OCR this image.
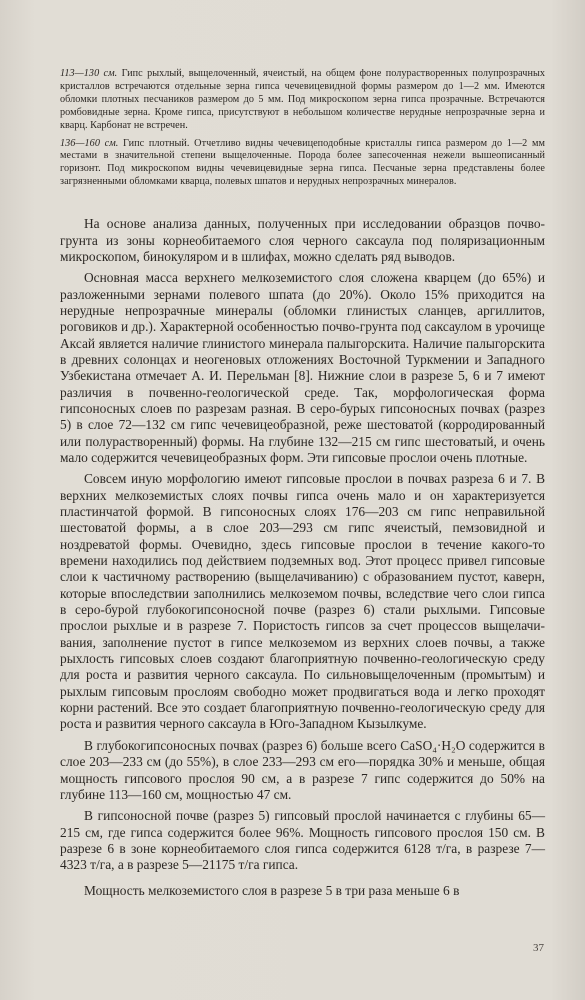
113—130 см. Гипс рыхлый, выщелоченный, ячеистый, на общем фоне полурастворенных полупрозрачных кристаллов встречаются отдельные зерна гипса чечевицевидной формы размером до 1—2 мм. Имеются обломки плотных песчаников размером до 5 мм. Под микроскопом зерна гипса прозрачные. Встречаются ромбовидные зерна. Кроме гипса, присутствуют в небольшом количестве нерудные непрозрачные зерна и кварц. Карбонат не встречен.

136—160 см. Гипс плотный. Отчетливо видны чечевицеподобные кристаллы гипса размером до 1—2 мм местами в значительной степени выщелоченные. Порода более запесоченная нежели вышеописанный горизонт. Под микроскопом видны чечевицевидные зерна гипса. Песчаные зерна представлены более загрязненными обломками кварца, полевых шпатов и нерудных непрозрачных минералов.

На основе анализа данных, полученных при исследовании образцов почво-грунта из зоны корнеобитаемого слоя черного саксаула под поляризационным микроскопом, бинокуляром и в шлифах, можно сделать ряд выводов.

Основная масса верхнего мелкоземистого слоя сложена кварцем (до 65%) и разложенными зернами полевого шпата (до 20%). Около 15% приходится на нерудные непрозрачные минералы (обломки глинистых сланцев, аргиллитов, роговиков и др.). Характерной особенностью почво-грунта под саксаулом в урочище Аксай является наличие глинистого минерала палыгорскита. Наличие палыгорскита в древних солонцах и неогеновых отложениях Восточной Туркмении и Западного Узбекистана отмечает А. И. Перельман [8]. Нижние слои в разрезе 5, 6 и 7 имеют различия в почвенно-геологической среде. Так, морфологическая форма гипсоносных слоев по разрезам разная. В серо-бурых гипсоносных почвах (разрез 5) в слое 72—132 см гипс чечевицеобразной, реже шестоватой (корродированный или полурастворенный) формы. На глубине 132—215 см гипс шестоватый, и очень мало содержится чечевицеобразных форм. Эти гипсовые прослои очень плотные.

Совсем иную морфологию имеют гипсовые прослои в почвах разреза 6 и 7. В верхних мелкоземистых слоях почвы гипса очень мало и он характеризуется пластинчатой формой. В гипсоносных слоях 176—203 см гипс неправильной шестоватой формы, а в слое 203—293 см гипс ячеистый, пемзовидной и ноздреватой формы. Очевидно, здесь гипсовые прослои в течение какого-то времени находились под действием подземных вод. Этот процесс привел гипсовые слои к частичному растворению (выщелачиванию) с образованием пустот, каверн, которые впоследствии заполнились мелкоземом почвы, вследствие чего слои гипса в серо-бурой глубокогипсоносной почве (разрез 6) стали рыхлыми. Гипсовые прослои рыхлые и в разрезе 7. Пористость гипсов за счет процессов выщелачивания, заполнение пустот в гипсе мелкоземом из верхних слоев почвы, а также рыхлость гипсовых слоев создают благоприятную почвенно-геологическую среду для роста и развития черного саксаула. По сильновыщелоченным (промытым) и рыхлым гипсовым прослоям свободно может продвигаться вода и легко проходят корни растений. Все это создает благоприятную почвенно-геологическую среду для роста и развития черного саксаула в Юго-Западном Кызылкуме.

В глубокогипсоносных почвах (разрез 6) больше всего CaSO₄·H₂O содержится в слое 203—233 см (до 55%), в слое 233—293 см его—порядка 30% и меньше, общая мощность гипсового прослоя 90 см, а в разрезе 7 гипс содержится до 50% на глубине 113—160 см, мощностью 47 см.

В гипсоносной почве (разрез 5) гипсовый прослой начинается с глубины 65—215 см, где гипса содержится более 96%. Мощность гипсового прослоя 150 см. В разрезе 6 в зоне корнеобитаемого слоя гипса содержится 6128 т/га, в разрезе 7—4323 т/га, а в разрезе 5—21175 т/га гипса.

Мощность мелкоземистого слоя в разрезе 5 в три раза меньше 6 в

37
